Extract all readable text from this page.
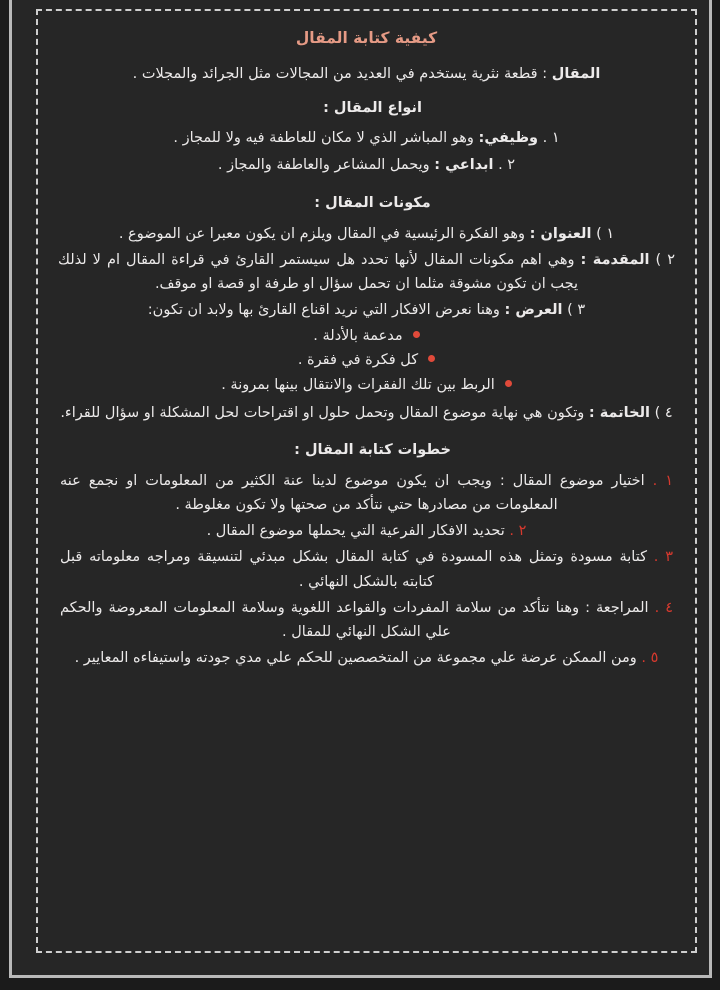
كيفية كتابة المقال

المقال : قطعة نثرية يستخدم في العديد من المجالات مثل الجرائد والمجلات .

انواع المقال :

١ . وظيفي: وهو المباشر الذي لا مكان للعاطفة فيه ولا للمجاز .

٢ . ابداعي : ويحمل المشاعر والعاطفة والمجاز .

مكونات المقال :

١ ) العنوان : وهو الفكرة الرئيسية في المقال ويلزم ان يكون معبرا عن الموضوع .

٢ ) المقدمة : وهي اهم مكونات المقال لأنها تحدد هل سيستمر القارئ في قراءة المقال ام لا لذلك يجب ان تكون مشوقة مثلما ان تحمل سؤال او طرفة او قصة او موقف.

٣ ) العرض : وهنا نعرض الافكار التي نريد اقناع القارئ بها ولابد ان تكون:

مدعمة بالأدلة .
كل فكرة في فقرة .
الربط بين تلك الفقرات والانتقال بينها بمرونة .

٤ ) الخاتمة : وتكون هي نهاية موضوع المقال وتحمل حلول او اقتراحات لحل المشكلة او سؤال للقراء.

خطوات كتابة المقال :
١ . اختيار موضوع المقال : ويجب ان يكون موضوع لدينا عنة الكثير من المعلومات او نجمع عنه المعلومات من مصادرها حتي نتأكد من صحتها ولا تكون مغلوطة .
٢ . تحديد الافكار الفرعية التي يحملها موضوع المقال .
٣ . كتابة مسودة وتمثل هذه المسودة في كتابة المقال بشكل مبدئي لتنسيقة ومراجه معلوماته قبل كتابته بالشكل النهائي .
٤ . المراجعة : وهنا نتأكد من سلامة المفردات والقواعد اللغوية وسلامة المعلومات المعروضة والحكم علي الشكل النهائي للمقال .
٥ . ومن الممكن عرضة علي مجموعة من المتخصصين للحكم علي مدي جودته واستيفاءه المعايير .
